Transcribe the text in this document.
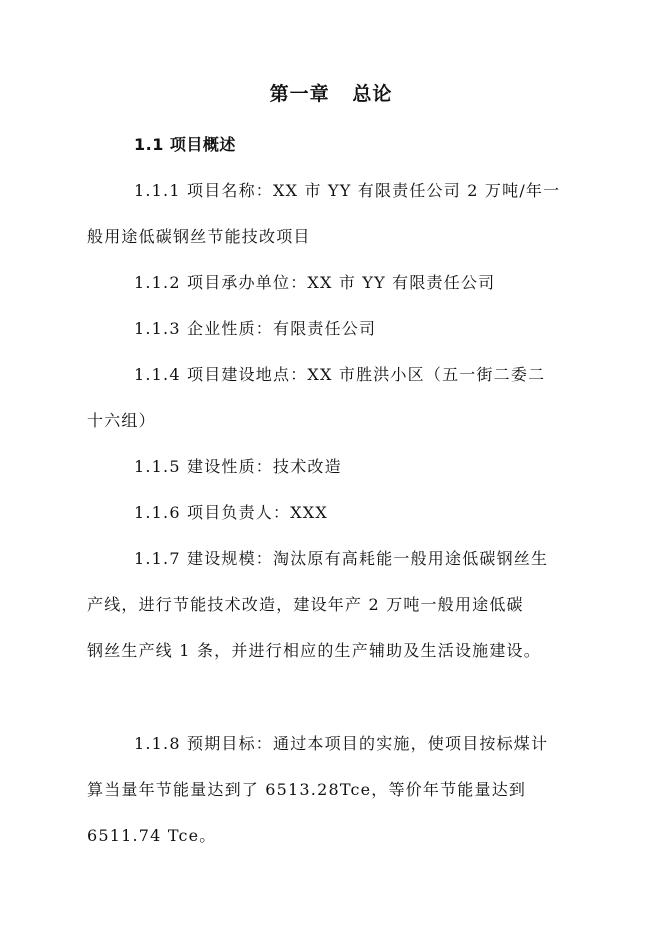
第一章   总论
1.1 项目概述
1.1.1 项目名称：XX 市 YY 有限责任公司 2 万吨/年一
般用途低碳钢丝节能技改项目
1.1.2 项目承办单位：XX 市 YY 有限责任公司
1.1.3 企业性质：有限责任公司
1.1.4 项目建设地点：XX 市胜洪小区（五一街二委二
十六组）
1.1.5 建设性质：技术改造
1.1.6 项目负责人：XXX
1.1.7 建设规模：淘汰原有高耗能一般用途低碳钢丝生
产线，进行节能技术改造，建设年产 2 万吨一般用途低碳
钢丝生产线 1 条，并进行相应的生产辅助及生活设施建设。
1.1.8 预期目标：通过本项目的实施，使项目按标煤计
算当量年节能量达到了 6513.28Tce，等价年节能量达到
6511.74 Tce。
